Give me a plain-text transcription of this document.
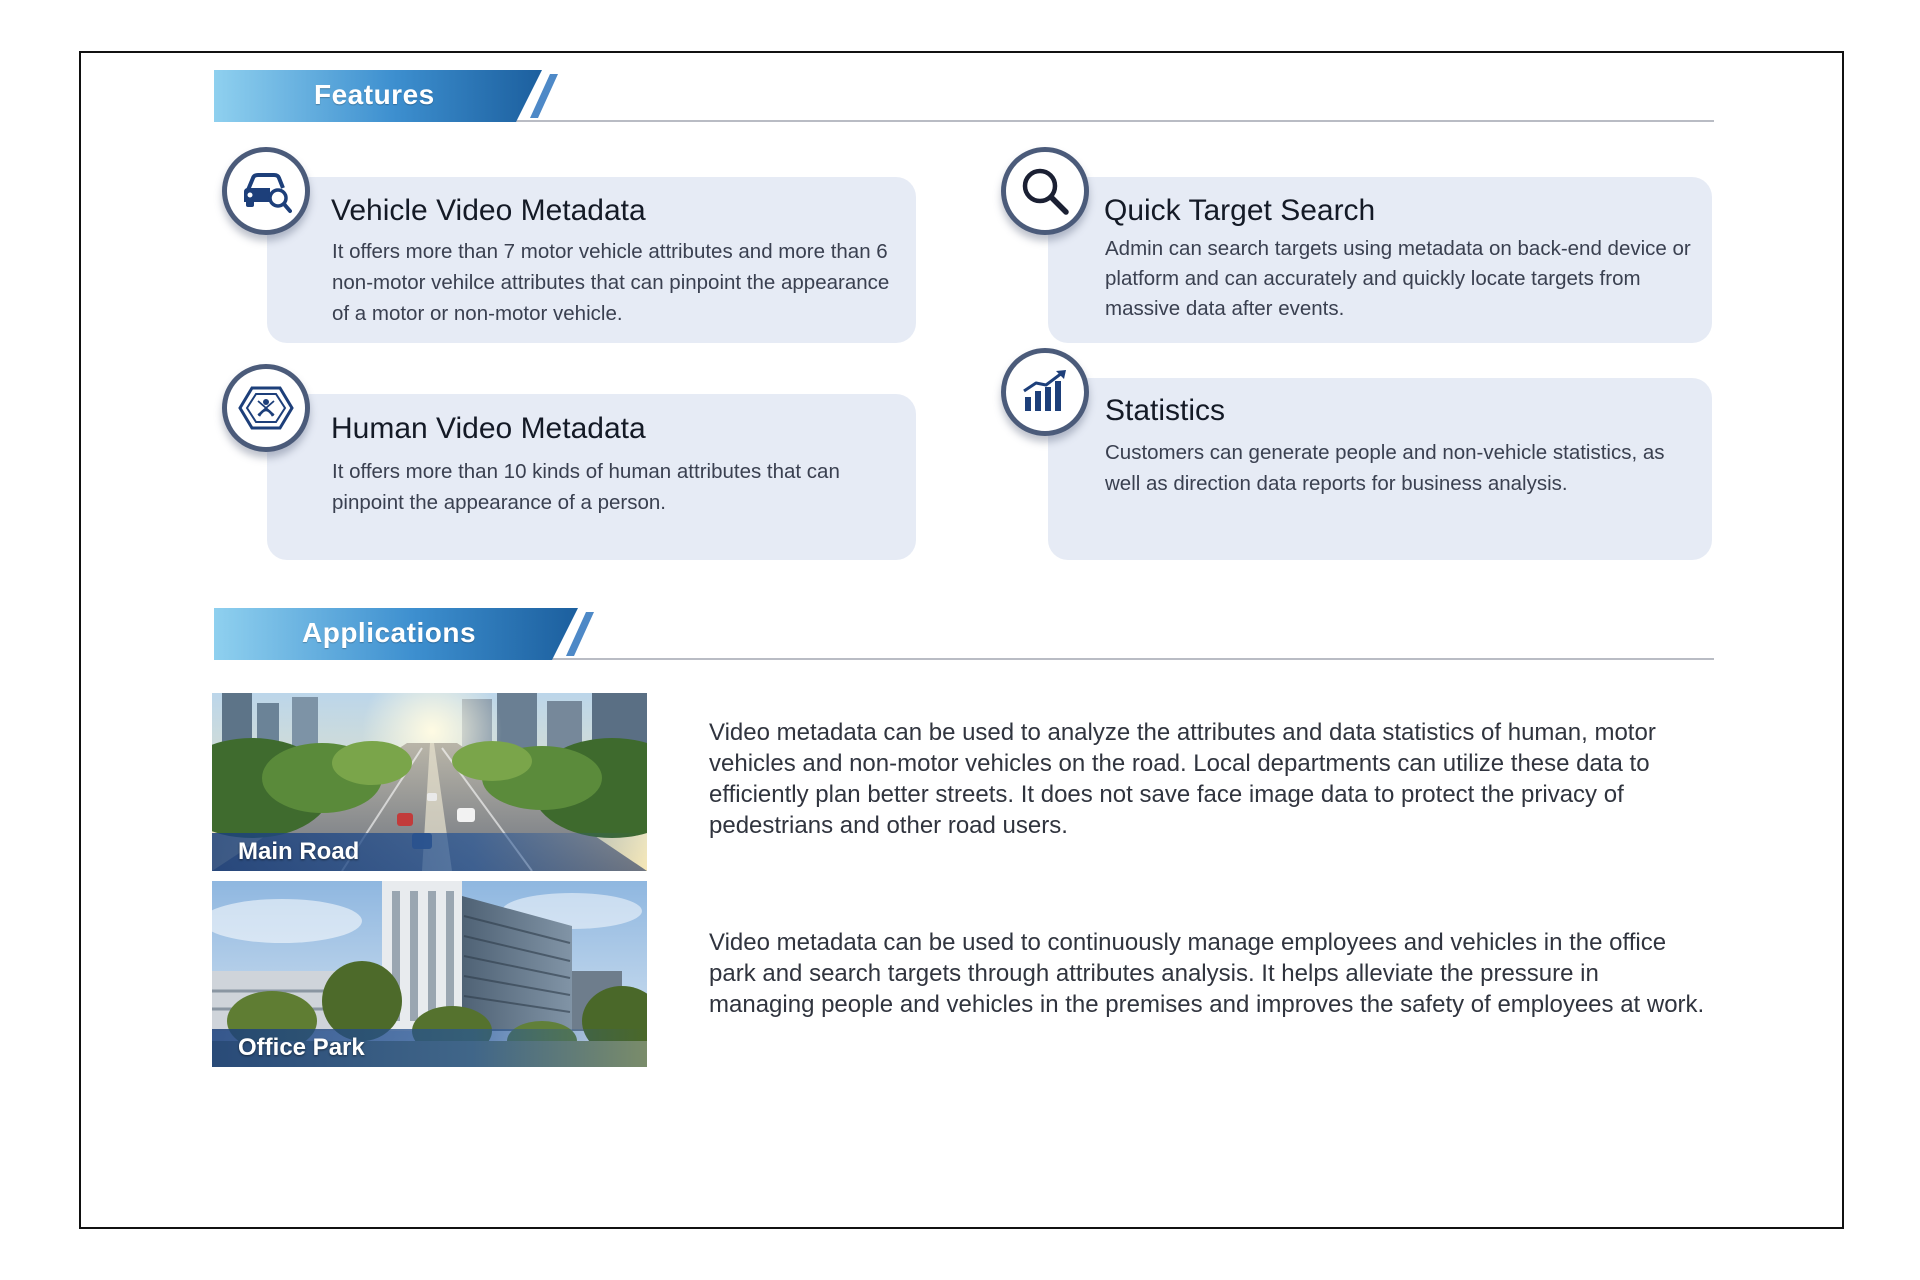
Features
Vehicle Video Metadata
It offers more than 7 motor vehicle attributes and more than 6 non-motor vehilce attributes that can pinpoint the appearance of a motor or non-motor vehicle.
Quick Target Search
Admin can search targets using metadata on back-end device or platform and can accurately and quickly locate targets from massive data after events.
Human Video Metadata
It offers more than 10 kinds of human attributes that can pinpoint the appearance of a person.
Statistics
Customers can generate people and non-vehicle statistics, as well as direction data reports for business analysis.
Applications
Main Road
Office Park
Video metadata can be used to analyze the attributes and data statistics of human, motor vehicles and non-motor vehicles on the road. Local departments can utilize these data to efficiently plan better streets. It does not save face image data to protect the privacy of pedestrians and other road users.
Video metadata can be used to continuously manage employees and vehicles in the office park and search targets through attributes analysis. It helps alleviate the pressure in managing people and vehicles in the premises and improves the safety of employees at work.
